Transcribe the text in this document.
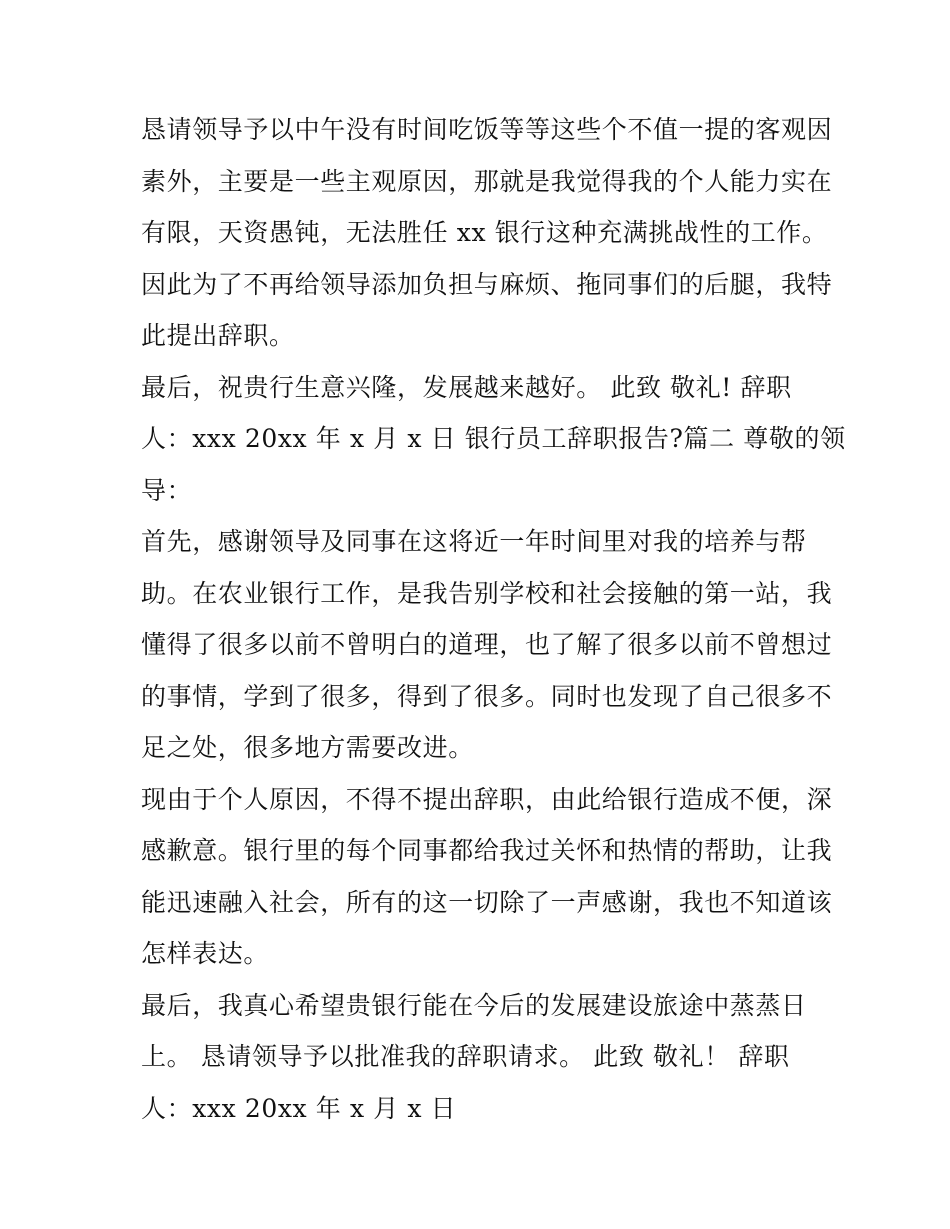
恳请领导予以中午没有时间吃饭等等这些个不值一提的客观因
素外，主要是一些主观原因，那就是我觉得我的个人能力实在
有限，天资愚钝，无法胜任 xx 银行这种充满挑战性的工作。
因此为了不再给领导添加负担与麻烦、拖同事们的后腿，我特
此提出辞职。
最后，祝贵行生意兴隆，发展越来越好。 此致 敬礼! 辞职
人：xxx 20xx 年 x 月 x 日 银行员工辞职报告?篇二 尊敬的领
导：
首先，感谢领导及同事在这将近一年时间里对我的培养与帮
助。在农业银行工作，是我告别学校和社会接触的第一站，我
懂得了很多以前不曾明白的道理，也了解了很多以前不曾想过
的事情，学到了很多，得到了很多。同时也发现了自己很多不
足之处，很多地方需要改进。
现由于个人原因，不得不提出辞职，由此给银行造成不便，深
感歉意。银行里的每个同事都给我过关怀和热情的帮助，让我
能迅速融入社会，所有的这一切除了一声感谢，我也不知道该
怎样表达。
最后，我真心希望贵银行能在今后的发展建设旅途中蒸蒸日
上。 恳请领导予以批准我的辞职请求。 此致 敬礼！ 辞职
人：xxx 20xx 年 x 月 x 日
